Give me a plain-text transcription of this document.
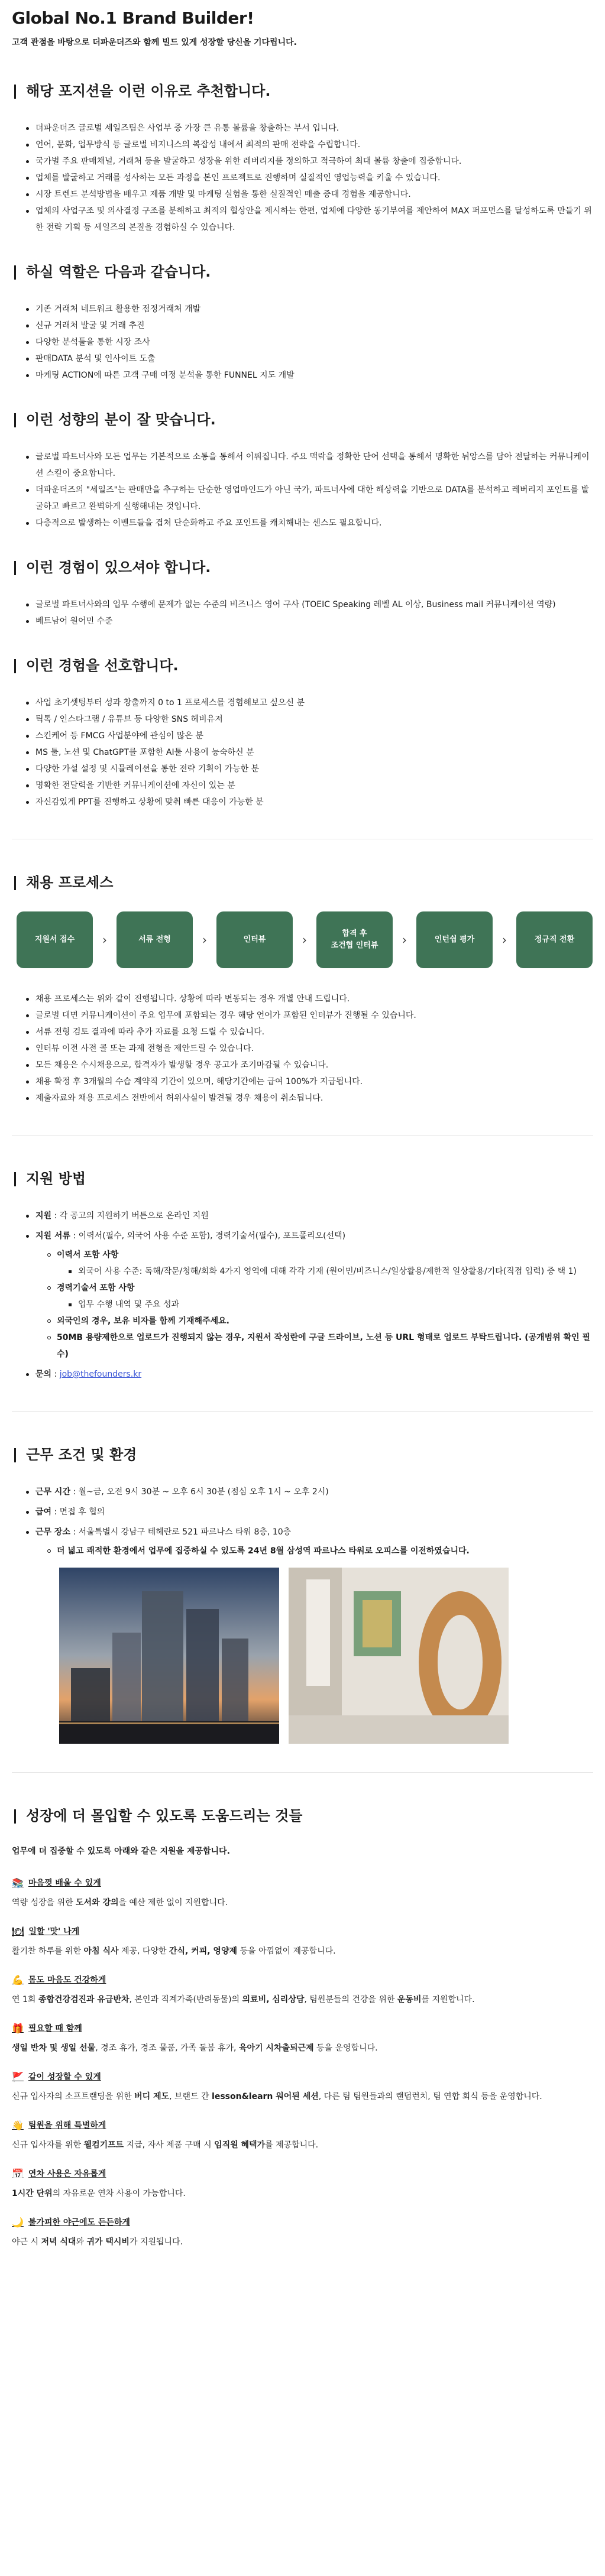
Global No.1 Brand Builder!
고객 관점을 바탕으로 더파운더즈와 함께 빌드 있게 성장할 당신을 기다립니다.
해당 포지션을 이런 이유로 추천합니다.
더파운더즈 글로벌 세일즈팀은 사업부 중 가장 큰 유통 볼륨을 창출하는 부서 입니다.
언어, 문화, 업무방식 등 글로벌 비지니스의 복잡성 내에서 최적의 판매 전략을 수립합니다.
국가별 주요 판매채널, 거래처 등을 발굴하고 성장을 위한 레버리지를 정의하고 적극하여 최대 볼륨 창출에 집중합니다.
업체를 발굴하고 거래를 성사하는 모든 과정을 본인 프로젝트로 진행하며 실질적인 영업능력을 키울 수 있습니다.
시장 트렌드 분석방법을 배우고 제품 개발 및 마케팅 실험을 통한 실질적인 매출 증대 경험을 제공합니다.
업체의 사업구조 및 의사결정 구조를 분해하고 최적의 협상안을 제시하는 한편, 업체에 다양한 동기부여를 제안하여 MAX 퍼포먼스를 달성하도록 만들기 위한 전략 기획 등 세일즈의 본질을 경험하실 수 있습니다.
하실 역할은 다음과 같습니다.
기존 거래처 네트워크 활용한 점정거래처 개발
신규 거래처 발굴 및 거래 추진
다양한 분석툴을 통한 시장 조사
판매DATA 분석 및 인사이트 도출
마케팅 ACTION에 따른 고객 구매 여정 분석을 통한 FUNNEL 지도 개발
이런 성향의 분이 잘 맞습니다.
글로벌 파트너사와 모든 업무는 기본적으로 소통을 통해서 이뤄집니다. 주요 맥락을 정확한 단어 선택을 통해서 명확한 뉘앙스를 담아 전달하는 커뮤니케이션 스킬이 중요합니다.
더파운더즈의 "세일즈"는 판매만을 추구하는 단순한 영업마인드가 아닌 국가, 파트너사에 대한 해상력을 기반으로 DATA를 분석하고 레버리지 포인트를 발굴하고 빠르고 완벽하게 실행해내는 것입니다.
다층적으로 발생하는 이벤트들을 겹쳐 단순화하고 주요 포인트를 캐치해내는 센스도 필요합니다.
이런 경험이 있으셔야 합니다.
글로벌 파트너사와의 업무 수행에 문제가 없는 수준의 비즈니스 영어 구사 (TOEIC Speaking 레벨 AL 이상, Business mail 커뮤니케이션 역량)
베트남어 원어민 수준
이런 경험을 선호합니다.
사업 초기셋팅부터 성과 창출까지 0 to 1 프로세스를 경험해보고 싶으신 분
틱톡 / 인스타그램 / 유튜브 등 다양한 SNS 헤비유저
스킨케어 등 FMCG 사업분야에 관심이 많은 분
MS 툴, 노션 및 ChatGPT를 포함한 AI툴 사용에 능숙하신 분
다양한 가설 설정 및 시뮬레이션을 통한 전략 기획이 가능한 분
명확한 전달력을 기반한 커뮤니케이션에 자신이 있는 분
자신감있게 PPT를 진행하고 상황에 맞춰 빠른 대응이 가능한 분
채용 프로세스
지원서 접수	›	서류 전형	›	인터뷰	›	합격 후
조건협 인터뷰	›	인턴쉽 평가	›	정규직 전환
채용 프로세스는 위와 같이 진행됩니다. 상황에 따라 변동되는 경우 개별 안내 드립니다.
글로벌 대면 커뮤니케이션이 주요 업무에 포함되는 경우 해당 언어가 포함된 인터뷰가 진행될 수 있습니다.
서류 전형 검토 결과에 따라 추가 자료를 요청 드릴 수 있습니다.
인터뷰 이전 사전 콜 또는 과제 전형을 제안드릴 수 있습니다.
모든 채용은 수시채용으로, 합격자가 발생할 경우 공고가 조기마감될 수 있습니다.
채용 확정 후 3개월의 수습 계약직 기간이 있으며, 해당기간에는 급여 100%가 지급됩니다.
제출자료와 채용 프로세스 전반에서 허위사실이 발견될 경우 채용이 취소됩니다.
지원 방법
지원 : 각 공고의 지원하기 버튼으로 온라인 지원
지원 서류 : 이력서(필수, 외국어 사용 수준 포함), 경력기술서(필수), 포트폴리오(선택)
이력서 포함 사항
외국어 사용 수준: 독해/작문/청해/회화 4가지 영역에 대해 각각 기재 (원어민/비즈니스/일상활용/제한적 일상활용/기타(직접 입력) 중 택 1)
경력기술서 포함 사항
업무 수행 내역 및 주요 성과
외국인의 경우, 보유 비자를 함께 기재해주세요.
50MB 용량제한으로 업로드가 진행되지 않는 경우, 지원서 작성란에 구글 드라이브, 노션 등 URL 형태로 업로드 부탁드립니다. (공개범위 확인 필수)
문의 : job@thefounders.kr
근무 조건 및 환경
근무 시간 : 월~금, 오전 9시 30분 ~ 오후 6시 30분 (점심 오후 1시 ~ 오후 2시)
급여 : 면접 후 협의
근무 장소 : 서울특별시 강남구 테헤란로 521 파르나스 타워 8층, 10층
더 넓고 쾌적한 환경에서 업무에 집중하실 수 있도록 24년 8월 삼성역 파르나스 타워로 오피스를 이전하였습니다.
성장에 더 몰입할 수 있도록 도움드리는 것들
업무에 더 집중할 수 있도록 아래와 같은 지원을 제공합니다.
📚 마음껏 배울 수 있게
역량 성장을 위한 도서와 강의을 예산 제한 없이 지원합니다.
🍽 일할 '맛' 나게
활기찬 하루를 위한 아침 식사 제공, 다양한 간식, 커피, 영양제 등을 아낌없이 제공합니다.
💪 몸도 마음도 건강하게
연 1회 종합건강검진과 유급반차, 본인과 직계가족(반려동물)의 의료비, 심리상담, 팀원분들의 건강을 위한 운동비를 지원합니다.
🎁 필요할 때 함께
생일 반차 및 생일 선물, 경조 휴가, 경조 물품, 가족 돌봄 휴가, 육아기 시차출퇴근제 등을 운영합니다.
🚩 같이 성장할 수 있게
신규 입사자의 소프트랜딩을 위한 버디 제도, 브랜드 간 lesson&learn 워어된 세션, 다른 팀 팀원들과의 랜덤런치, 팀 연합 회식 등을 운영합니다.
👋 팀원을 위해 특별하게
신규 입사자를 위한 웰컴기프트 지급, 자사 제품 구매 시 임직원 혜택가를 제공합니다.
📅 연차 사용은 자유롭게
1시간 단위의 자유로운 연차 사용이 가능합니다.
🌙 불가피한 야근에도 든든하게
야근 시 저녁 식대와 귀가 택시비가 지원됩니다.
